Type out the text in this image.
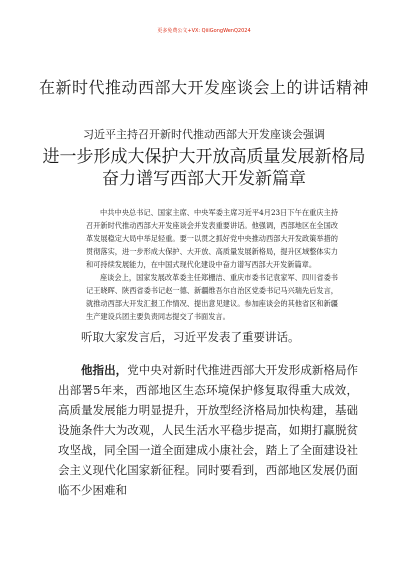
更多免费公文+VX: QiiiGongWenQ2024
在新时代推动西部大开发座谈会上的讲话精神
习近平主持召开新时代推动西部大开发座谈会强调
进一步形成大保护大开放高质量发展新格局
奋力谱写西部大开发新篇章

中共中央总书记、国家主席、中央军委主席习近平4月23日下午在重庆主持召开新时代推动西部大开发座谈会并发表重要讲话。他强调，西部地区在全国改革发展稳定大局中举足轻重。要一以贯之抓好党中央推动西部大开发政策举措的贯彻落实，进一步形成大保护、大开放、高质量发展新格局，提升区域整体实力和可持续发展能力，在中国式现代化建设中奋力谱写西部大开发新篇章。

座谈会上，国家发展改革委主任郑栅洁、重庆市委书记袁家军、四川省委书记王晓晖、陕西省委书记赵一德、新疆维吾尔自治区党委书记马兴瑞先后发言，就推动西部大开发汇报工作情况、提出意见建议。参加座谈会的其他省区和新疆生产建设兵团主要负责同志提交了书面发言。

听取大家发言后，习近平发表了重要讲话。

他指出，党中央对新时代推进西部大开发形成新格局作出部署5年来，西部地区生态环境保护修复取得重大成效，高质量发展能力明显提升，开放型经济格局加快构建，基础设施条件大为改观，人民生活水平稳步提高，如期打赢脱贫攻坚战，同全国一道全面建成小康社会，踏上了全面建设社会主义现代化国家新征程。同时要看到，西部地区发展仍面临不少困难和
